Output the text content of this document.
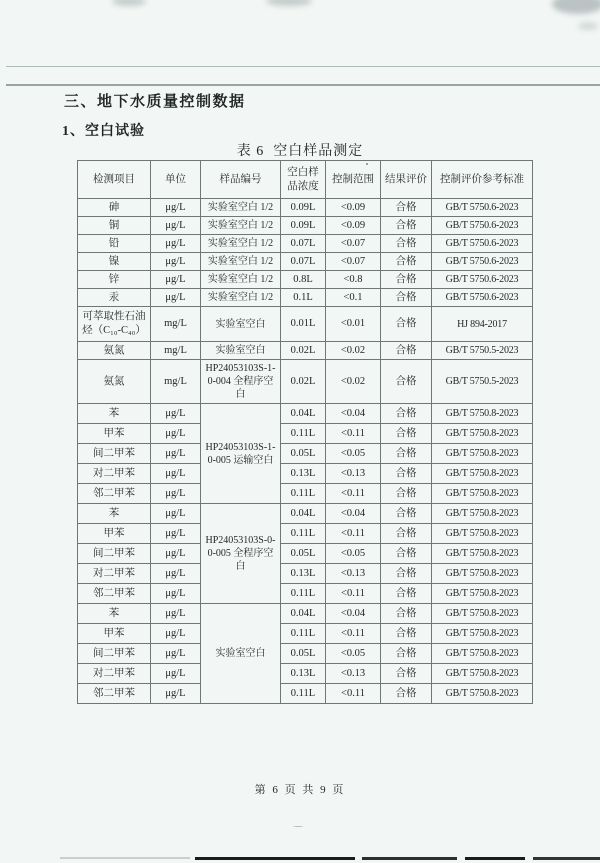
三、地下水质量控制数据
1、空白试验
表 6  空白样品测定
检测项目	单位	样品编号	空白样品浓度	控制范围	结果评价	控制评价参考标准
砷	μg/L	实验室空白 1/2	0.09L	<0.09	合格	GB/T 5750.6-2023
铜	μg/L	实验室空白 1/2	0.09L	<0.09	合格	GB/T 5750.6-2023
铅	μg/L	实验室空白 1/2	0.07L	<0.07	合格	GB/T 5750.6-2023
镍	μg/L	实验室空白 1/2	0.07L	<0.07	合格	GB/T 5750.6-2023
锌	μg/L	实验室空白 1/2	0.8L	<0.8	合格	GB/T 5750.6-2023
汞	μg/L	实验室空白 1/2	0.1L	<0.1	合格	GB/T 5750.6-2023
可萃取性石油烃（C₁₀-C₄₀）	mg/L	实验室空白	0.01L	<0.01	合格	HJ 894-2017
氨氮	mg/L	实验室空白	0.02L	<0.02	合格	GB/T 5750.5-2023
氨氮	mg/L	HP24053103S-1-0-004 全程序空白	0.02L	<0.02	合格	GB/T 5750.5-2023
苯	μg/L	HP24053103S-1-0-005 运输空白	0.04L	<0.04	合格	GB/T 5750.8-2023
甲苯	μg/L		0.11L	<0.11	合格	GB/T 5750.8-2023
间二甲苯	μg/L		0.05L	<0.05	合格	GB/T 5750.8-2023
对二甲苯	μg/L		0.13L	<0.13	合格	GB/T 5750.8-2023
邻二甲苯	μg/L		0.11L	<0.11	合格	GB/T 5750.8-2023
苯	μg/L	HP24053103S-0-0-005 全程序空白	0.04L	<0.04	合格	GB/T 5750.8-2023
甲苯	μg/L		0.11L	<0.11	合格	GB/T 5750.8-2023
间二甲苯	μg/L		0.05L	<0.05	合格	GB/T 5750.8-2023
对二甲苯	μg/L		0.13L	<0.13	合格	GB/T 5750.8-2023
邻二甲苯	μg/L		0.11L	<0.11	合格	GB/T 5750.8-2023
苯	μg/L	实验室空白	0.04L	<0.04	合格	GB/T 5750.8-2023
甲苯	μg/L		0.11L	<0.11	合格	GB/T 5750.8-2023
间二甲苯	μg/L		0.05L	<0.05	合格	GB/T 5750.8-2023
对二甲苯	μg/L		0.13L	<0.13	合格	GB/T 5750.8-2023
邻二甲苯	μg/L		0.11L	<0.11	合格	GB/T 5750.8-2023
第 6 页 共 9 页
